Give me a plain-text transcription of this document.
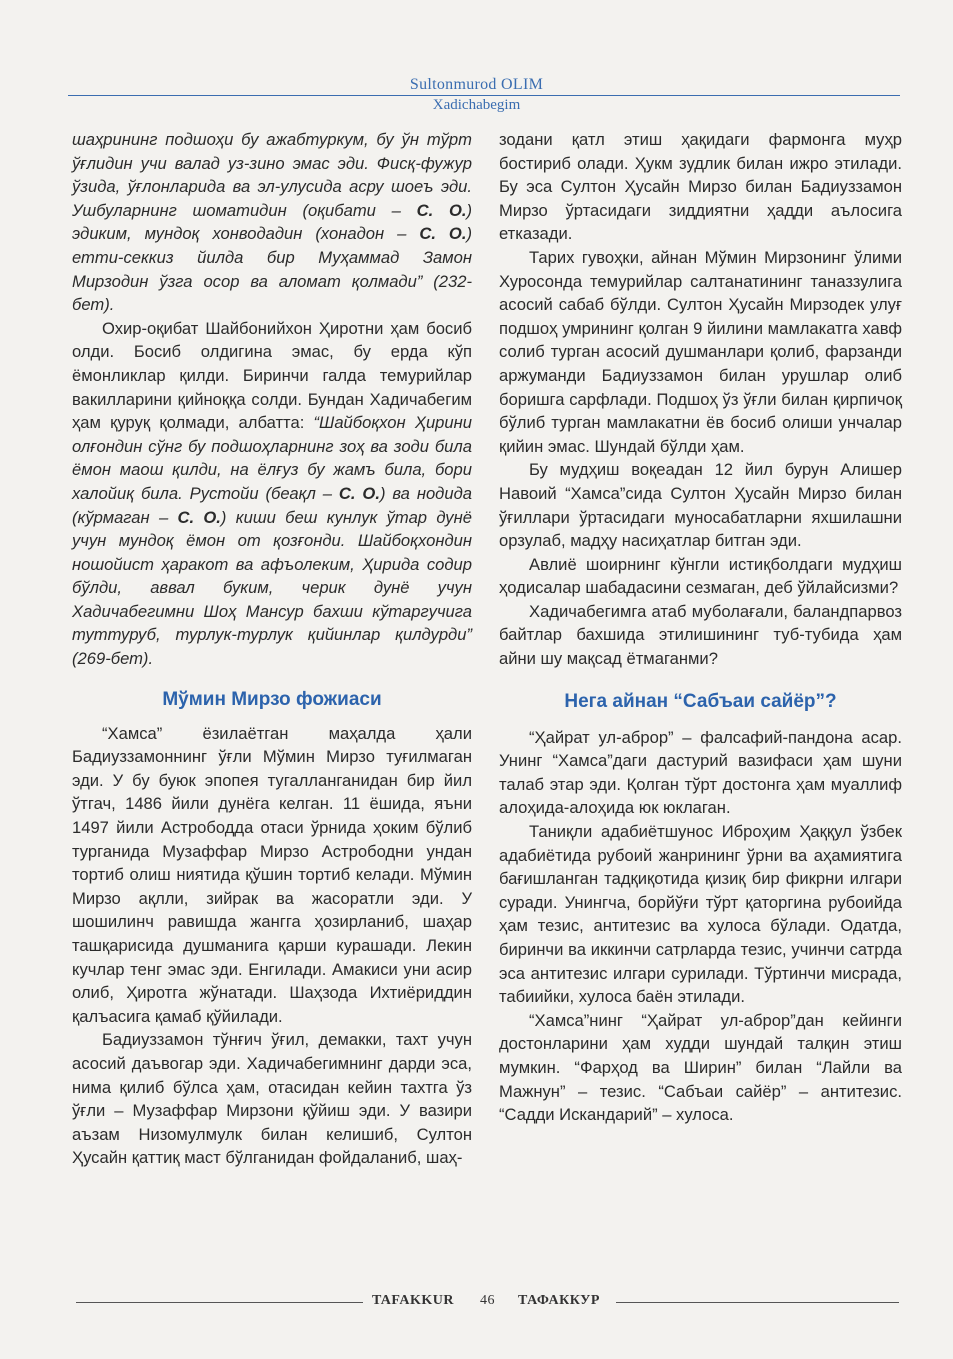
Sultonmurod OLIM
Xadichabegim

шаҳрининг подшоҳи бу ажабтуркум, бу ўн тўрт ўғлидин учи валад уз-зино эмас эди. Фисқ-фужур ўзида, ўғлонларида ва эл-улусида асру шоеъ эди. Ушбуларнинг шоматидин (оқибати – С. О.) эдиким, мундоқ хонводадин (хонадон – С. О.) етти-секкиз йилда бир Муҳаммад Замон Мирзодин ўзга осор ва аломат қолмади” (232-бет).

Охир-оқибат Шайбонийхон Ҳиротни ҳам босиб олди. Босиб олдигина эмас, бу ерда кўп ёмонликлар қилди. Биринчи галда темурийлар вакилларини қийноққа солди. Бундан Хадичабегим ҳам қуруқ қолмади, албатта: “Шайбоқхон Ҳирини олғондин сўнг бу подшоҳларнинг зоҳ ва зоди била ёмон маош қилди, на ёлғуз бу жамъ била, бори халойиқ била. Рустойи (беақл – С. О.) ва нодида (кўрмаган – С. О.) киши беш кунлук ўтар дунё учун мундоқ ёмон от қозғонди. Шайбоқхондин ношойист ҳаракот ва афъолеким, Ҳирида содир бўлди, аввал буким, черик дунё учун Хадичабегимни Шоҳ Мансур бахши кўтаргучига туттуруб, турлук-турлук қийинлар қилдурди” (269-бет).

Мўмин Мирзо фожиаси

“Хамса” ёзилаётган маҳалда ҳали Бадиуззамоннинг ўғли Мўмин Мирзо туғилмаган эди. У бу буюк эпопея тугалланганидан бир йил ўтгач, 1486 йили дунёга келган. 11 ёшида, яъни 1497 йили Астрободда отаси ўрнида ҳоким бўлиб турганида Музаффар Мирзо Астрободни ундан тортиб олиш ниятида қўшин тортиб келади. Мўмин Мирзо ақлли, зийрак ва жасоратли эди. У шошилинч равишда жангга ҳозирланиб, шаҳар ташқарисида душманига қарши курашади. Лекин кучлар тенг эмас эди. Енгилади. Амакиси уни асир олиб, Ҳиротга жўнатади. Шаҳзода Ихтиёриддин қалъасига қамаб қўйилади.

Бадиуззамон тўнғич ўғил, демакки, тахт учун асосий даъвогар эди. Хадичабегимнинг дарди эса, нима қилиб бўлса ҳам, отасидан кейин тахтга ўз ўғли – Музаффар Мирзони қўйиш эди. У вазири аъзам Низомулмулк билан келишиб, Султон Ҳусайн қаттиқ маст бўлганидан фойдаланиб, шаҳ-

зодани қатл этиш ҳақидаги фармонга муҳр бостириб олади. Ҳукм зудлик билан ижро этилади. Бу эса Султон Ҳусайн Мирзо билан Бадиуззамон Мирзо ўртасидаги зиддиятни ҳадди аълосига етказади.

Тарих гувоҳки, айнан Мўмин Мирзонинг ўлими Хуросонда темурийлар салтанатининг таназзулига асосий сабаб бўлди. Султон Ҳусайн Мирзодек улуғ подшоҳ умрининг қолган 9 йилини мамлакатга хавф солиб турган асосий душманлари қолиб, фарзанди аржуманди Бадиуззамон билан урушлар олиб боришга сарфлади. Подшоҳ ўз ўғли билан қирпичоқ бўлиб турган мамлакатни ёв босиб олиши унчалар қийин эмас. Шундай бўлди ҳам.

Бу мудҳиш воқеадан 12 йил бурун Алишер Навоий “Хамса”сида Султон Ҳусайн Мирзо билан ўғиллари ўртасидаги муносабатларни яхшилашни орзулаб, мадҳу насиҳатлар битган эди.

Авлиё шоирнинг кўнгли истиқболдаги мудҳиш ҳодисалар шабадасини сезмаган, деб ўйлайсизми?

Хадичабегимга атаб муболағали, баландпарвоз байтлар бахшида этилишининг туб-тубида ҳам айни шу мақсад ётмаганми?

Нега айнан “Сабъаи сайёр”?

“Ҳайрат ул-аброр” – фалсафий-пандона асар. Унинг “Хамса”даги дастурий вазифаси ҳам шуни талаб этар эди. Қолган тўрт достонга ҳам муаллиф алоҳида-алоҳида юк юклаган.

Таниқли адабиётшунос Иброҳим Ҳаққул ўзбек адабиётида рубоий жанрининг ўрни ва аҳамиятига бағишланган тадқиқотида қизиқ бир фикрни илгари суради. Унингча, борйўғи тўрт қаторгина рубоийда ҳам тезис, антитезис ва хулоса бўлади. Одатда, биринчи ва иккинчи сатрларда тезис, учинчи сатрда эса антитезис илгари сурилади. Тўртинчи мисрада, табиийки, хулоса баён этилади.

“Хамса”нинг “Ҳайрат ул-аброр”дан кейинги достонларини ҳам худди шундай талқин этиш мумкин. “Фарҳод ва Ширин” билан “Лайли ва Мажнун” – тезис. “Сабъаи сайёр” – антитезис. “Садди Искандарий” – хулоса.

TAFAKKUR 46 ТАФАККУР
